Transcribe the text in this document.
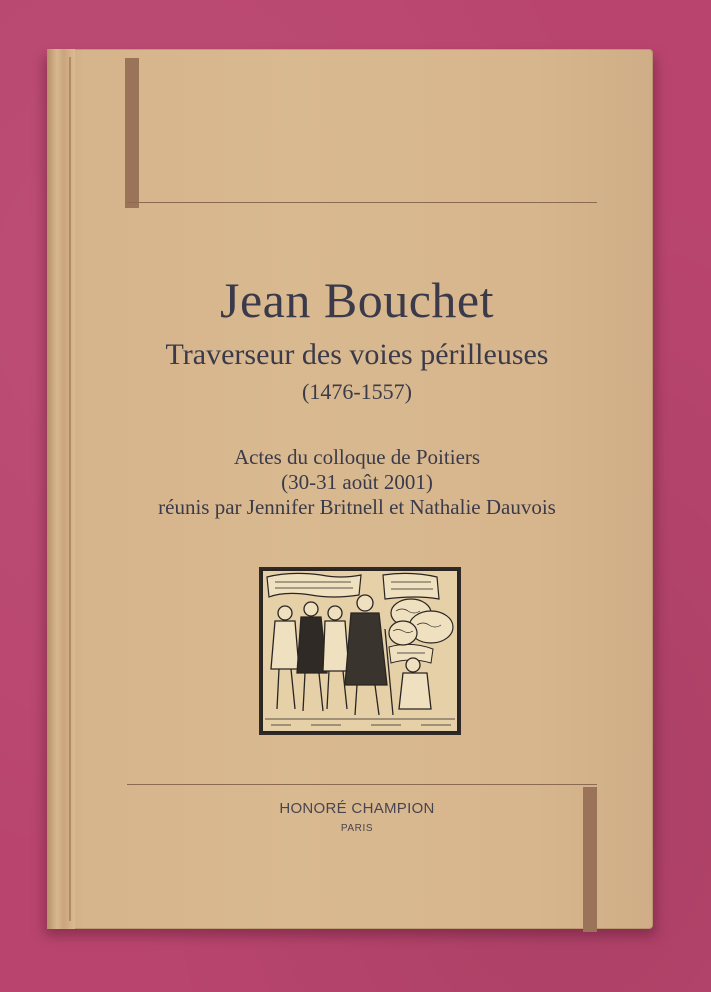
Jean Bouchet
Traverseur des voies périlleuses
(1476-1557)
Actes du colloque de Poitiers
(30-31 août 2001)
réunis par Jennifer Britnell et Nathalie Dauvois
HONORÉ CHAMPION
PARIS
